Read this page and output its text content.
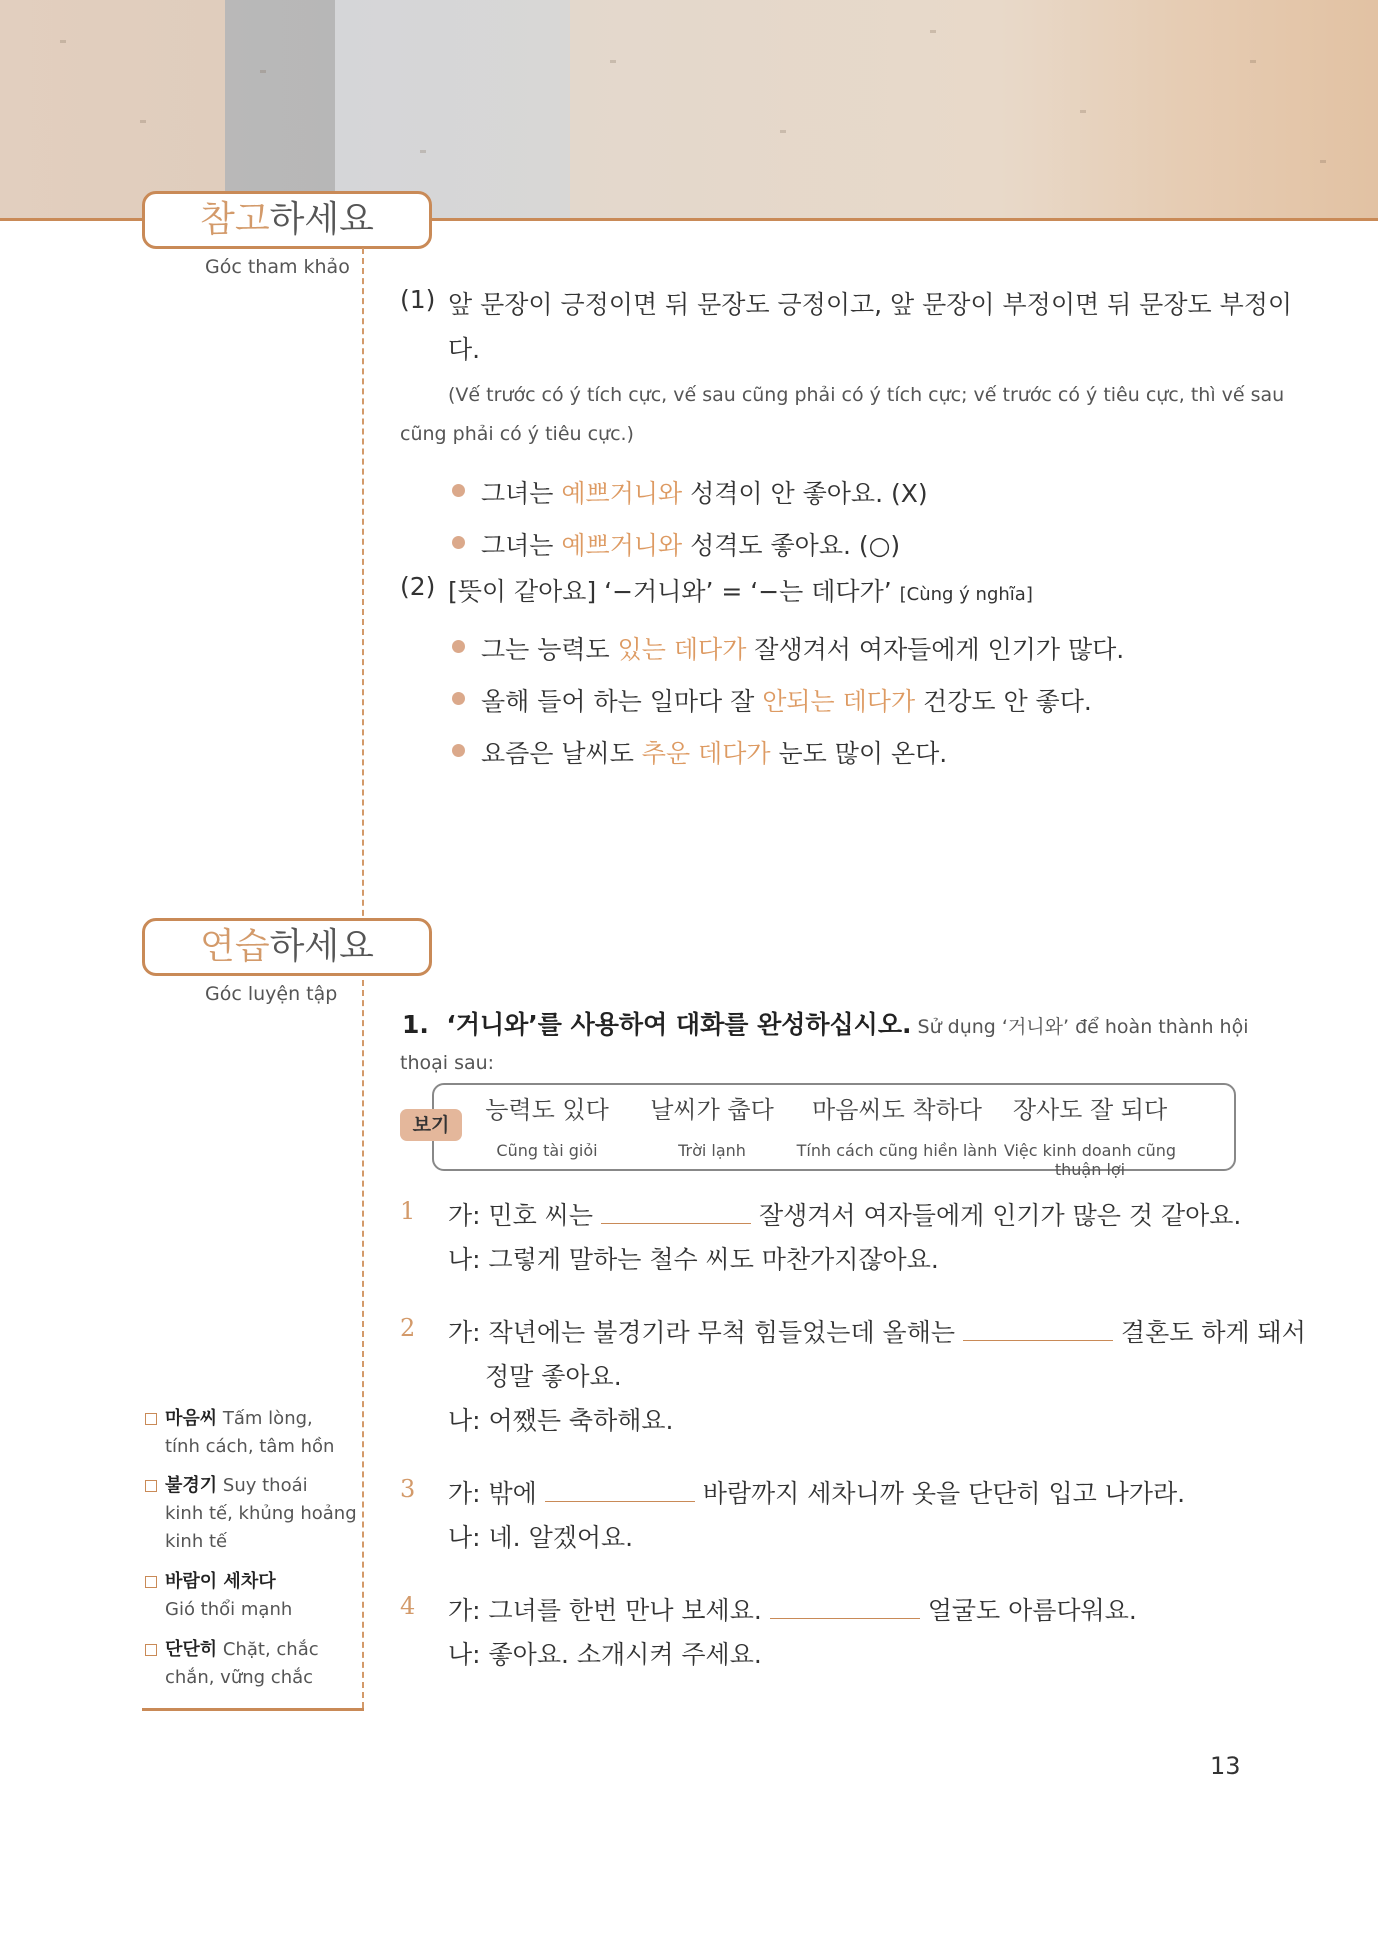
참고하세요
Góc tham khảo
(1) 앞 문장이 긍정이면 뒤 문장도 긍정이고, 앞 문장이 부정이면 뒤 문장도 부정이
다.
(Vế trước có ý tích cực, vế sau cũng phải có ý tích cực; vế trước có ý tiêu cực, thì vế sau
cũng phải có ý tiêu cực.)
그녀는 예쁘거니와 성격이 안 좋아요. (X)
그녀는 예쁘거니와 성격도 좋아요. (○)
(2) [뜻이 같아요] ‘−거니와’ = ‘−는 데다가’ [Cùng ý nghĩa]
그는 능력도 있는 데다가 잘생겨서 여자들에게 인기가 많다.
올해 들어 하는 일마다 잘 안되는 데다가 건강도 안 좋다.
요즘은 날씨도 추운 데다가 눈도 많이 온다.
연습하세요
Góc luyện tập
1. ‘거니와’를 사용하여 대화를 완성하십시오. Sử dụng ‘거니와’ để hoàn thành hội
thoại sau:
보기
능력도 있다
Cũng tài giỏi
날씨가 춥다
Trời lạnh
마음씨도 착하다
Tính cách cũng hiền lành
장사도 잘 되다
Việc kinh doanh cũng thuận lợi
1 가: 민호 씨는	잘생겨서 여자들에게 인기가 많은 것 같아요.
나: 그렇게 말하는 철수 씨도 마찬가지잖아요.
2 가: 작년에는 불경기라 무척 힘들었는데 올해는	결혼도 하게 돼서
정말 좋아요.
나: 어쨌든 축하해요.
3 가: 밖에	바람까지 세차니까 옷을 단단히 입고 나가라.
나: 네. 알겠어요.
4 가: 그녀를 한번 만나 보세요.	얼굴도 아름다워요.
나: 좋아요. 소개시켜 주세요.
마음씨 Tấm lòng,
tính cách, tâm hồn
불경기 Suy thoái
kinh tế, khủng hoảng
kinh tế
바람이 세차다
Gió thổi mạnh
단단히 Chặt, chắc
chắn, vững chắc
13
